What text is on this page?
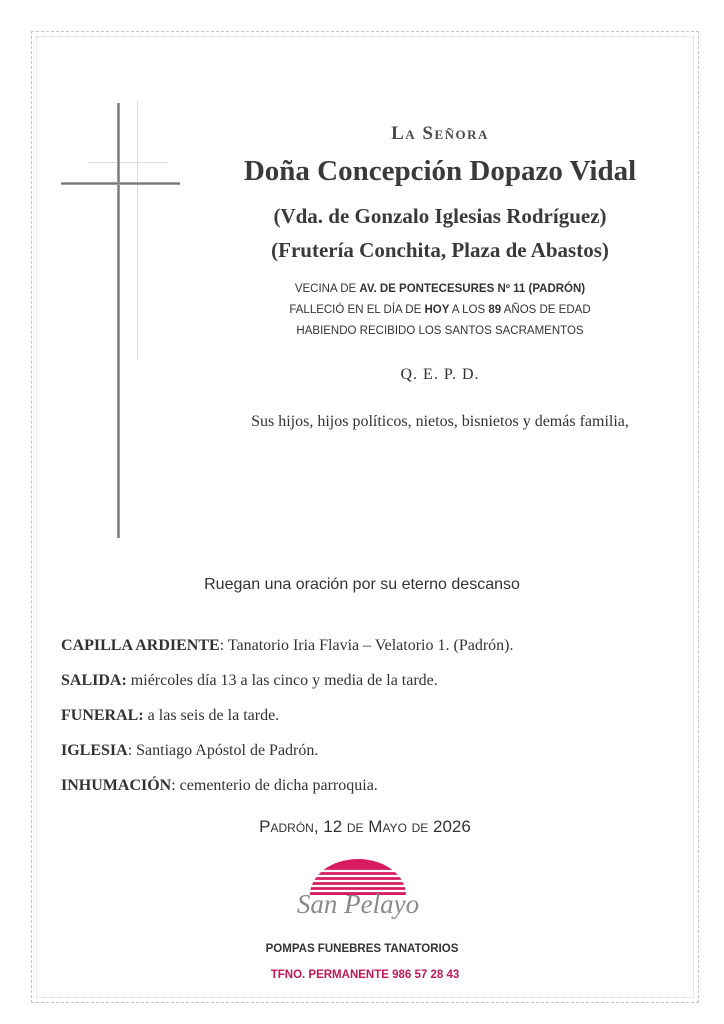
La Señora
Doña Concepción Dopazo Vidal
(Vda. de Gonzalo Iglesias Rodríguez)
(Frutería Conchita, Plaza de Abastos)
VECINA DE AV. DE PONTECESURES Nº 11 (PADRÓN)
FALLECIÓ EN EL DÍA DE HOY A LOS 89 AÑOS DE EDAD
HABIENDO RECIBIDO LOS SANTOS SACRAMENTOS
Q. E. P. D.
Sus hijos, hijos políticos, nietos, bisnietos y demás familia,
Ruegan una oración por su eterno descanso
CAPILLA ARDIENTE: Tanatorio Iria Flavia – Velatorio 1. (Padrón).
SALIDA: miércoles día 13 a las cinco y media de la tarde.
FUNERAL: a las seis de la tarde.
IGLESIA: Santiago Apóstol de Padrón.
INHUMACIÓN: cementerio de dicha parroquia.
Padrón, 12 de Mayo de 2026
San Pelayo
POMPAS FUNEBRES TANATORIOS
TFNO. PERMANENTE 986 57 28 43
